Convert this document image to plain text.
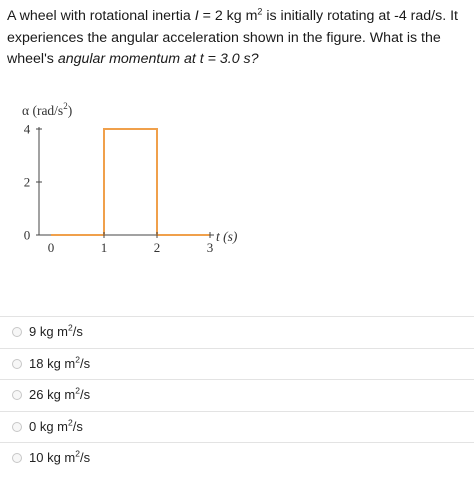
A wheel with rotational inertia I = 2 kg $m^2$ is initially rotating at -4 rad/s. It experiences the angular acceleration shown in the figure. What is the wheel's angular momentum at t = 3.0 s?
α $(rad/s^2)$
t (s)
0
2
4
0	1	2	3
9 kg $m^2/s$
18 kg $m^2/s$
26 kg $m^2/s$
0 kg $m^2/s$
10 kg $m^2/s$
